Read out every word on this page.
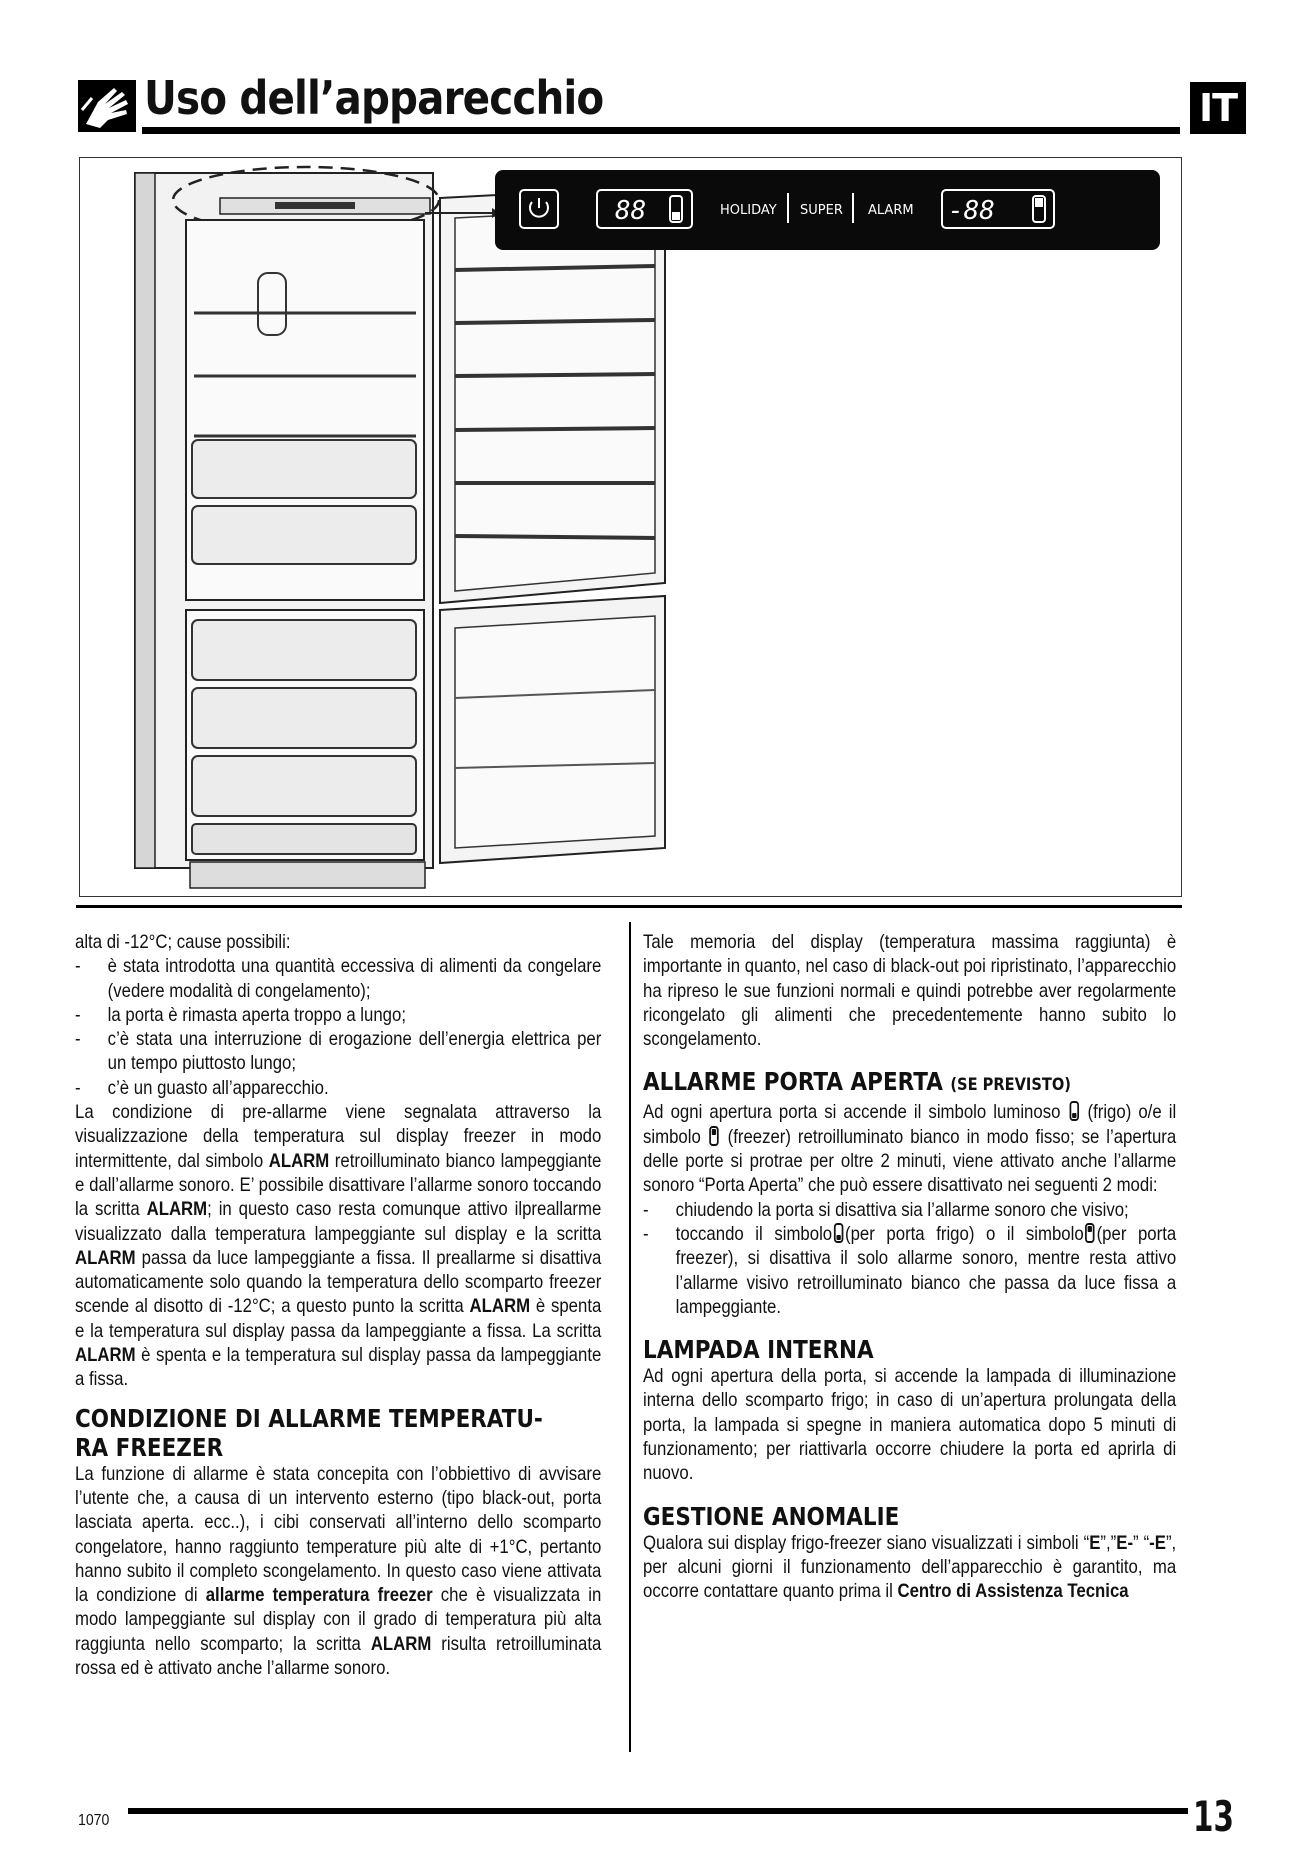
Uso dell’apparecchio	IT
88	HOLIDAY SUPER ALARM -88

alta di -12°C; cause possibili:

- è stata introdotta una quantità eccessiva di alimenti da congelare (vedere modalità di congelamento);
- la porta è rimasta aperta troppo a lungo;
- c’è stata una interruzione di erogazione dell’energia elettrica per un tempo piuttosto lungo;
- c’è un guasto all’apparecchio.

La condizione di pre-allarme viene segnalata attraverso la visualizzazione della temperatura sul display freezer in modo intermittente, dal simbolo ALARM retroilluminato bianco lampeggiante e dall’allarme sonoro. E’ possibile disattivare l’allarme sonoro toccando la scritta ALARM; in questo caso resta comunque attivo ilpreallarme visualizzato dalla temperatura lampeggiante sul display e la scritta ALARM passa da luce lampeggiante a fissa. Il preallarme si disattiva automaticamente solo quando la temperatura dello scomparto freezer scende al disotto di -12°C; a questo punto la scritta ALARM è spenta e la temperatura sul display passa da lampeggiante a fissa. La scritta ALARM è spenta e la temperatura sul display passa da lampeggiante a fissa.

CONDIZIONE DI ALLARME TEMPERATU-
RA FREEZER

La funzione di allarme è stata concepita con l’obbiettivo di avvisare l’utente che, a causa di un intervento esterno (tipo black-out, porta lasciata aperta. ecc..), i cibi conservati all’interno dello scomparto congelatore, hanno raggiunto temperature più alte di +1°C, pertanto hanno subito il completo scongelamento. In questo caso viene attivata la condizione di allarme temperatura freezer che è visualizzata in modo lampeggiante sul display con il grado di temperatura più alta raggiunta nello scomparto; la scritta ALARM risulta retroilluminata rossa ed è attivato anche l’allarme sonoro.

Tale memoria del display (temperatura massima raggiunta) è importante in quanto, nel caso di black-out poi ripristinato, l’apparecchio ha ripreso le sue funzioni normali e quindi potrebbe aver regolarmente ricongelato gli alimenti che precedentemente hanno subito lo scongelamento.

ALLARME PORTA APERTA (SE PREVISTO)

Ad ogni apertura porta si accende il simbolo luminoso (frigo) o/e il simbolo (freezer) retroilluminato bianco in modo fisso; se l’apertura delle porte si protrae per oltre 2 minuti, viene attivato anche l’allarme sonoro “Porta Aperta” che può essere disattivato nei seguenti 2 modi:

- chiudendo la porta si disattiva sia l’allarme sonoro che visivo;
- toccando il simbolo (per porta frigo) o il simbolo (per porta freezer), si disattiva il solo allarme sonoro, mentre resta attivo l’allarme visivo retroilluminato bianco che passa da luce fissa a lampeggiante.
LAMPADA INTERNA

Ad ogni apertura della porta, si accende la lampada di illuminazione interna dello scomparto frigo; in caso di un’apertura prolungata della porta, la lampada si spegne in maniera automatica dopo 5 minuti di funzionamento; per riattivarla occorre chiudere la porta ed aprirla di nuovo.

GESTIONE ANOMALIE

Qualora sui display frigo-freezer siano visualizzati i simboli “E”,”E-” “-E”, per alcuni giorni il funzionamento dell’apparecchio è garantito, ma occorre contattare quanto prima il Centro di Assistenza Tecnica

1070	13
